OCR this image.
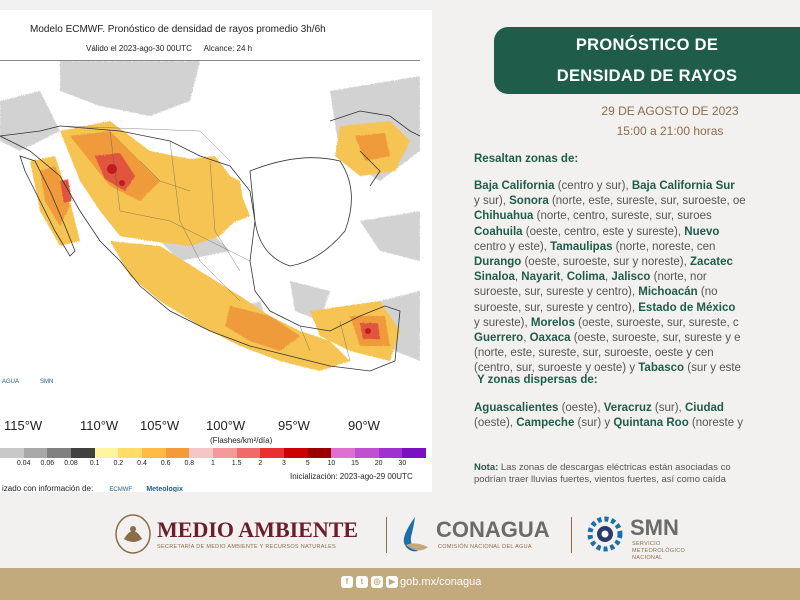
Modelo ECMWF. Pronóstico de densidad de rayos promedio 3h/6h
Válido el 2023-ago-30 00UTC Alcance: 24 h
AGUA	SMN
115°W	110°W 105°W 100°W	95°W	90°W
(Flashes/km²/día)
0.04 0.06 0.08 0.1 0.2 0.4 0.6 0.8 1 1.5 2	3	5	10 15 20 30
Inicialización: 2023-ago-29 00UTC
izado con información de:	ECMWF Meteologix
PRONÓSTICO DE
DENSIDAD DE RAYOS
29 DE AGOSTO DE 2023
15:00 a 21:00 horas
Resaltan zonas de:
Baja California (centro y sur), Baja California Sur
y sur), Sonora (norte, este, sureste, sur, suroeste, oe
Chihuahua (norte, centro, sureste, sur, suroes
Coahuila (oeste, centro, este y sureste), Nuevo
centro y este), Tamaulipas (norte, noreste, cen
Durango (oeste, suroeste, sur y noreste), Zacatec
Sinaloa, Nayarit, Colima, Jalisco (norte, nor
suroeste, sur, sureste y centro), Michoacán (no
suroeste, sur, sureste y centro), Estado de México
y sureste), Morelos (oeste, suroeste, sur, sureste, c
Guerrero, Oaxaca (oeste, suroeste, sur, sureste y e
(norte, este, sureste, sur, suroeste, oeste y cen
(centro, sur, suroeste y oeste) y Tabasco (sur y este
Y zonas dispersas de:
Aguascalientes (oeste), Veracruz (sur), Ciudad
(oeste), Campeche (sur) y Quintana Roo (noreste y
Nota: Las zonas de descargas eléctricas están asociadas co
podrían traer lluvias fuertes, vientos fuertes, así como caída
MEDIO AMBIENTE
SECRETARÍA DE MEDIO AMBIENTE Y RECURSOS NATURALES
CONAGUA
COMISIÓN NACIONAL DEL AGUA
SMN
SERVICIO
METEOROLÓGICO
NACIONAL
f	t	◎	▶ gob.mx/conagua
